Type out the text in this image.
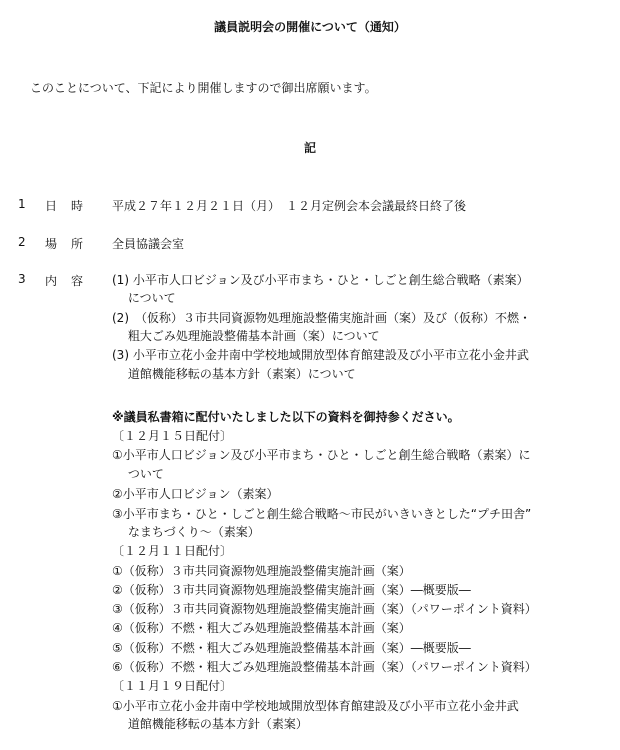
議員説明会の開催について（通知）
このことについて、下記により開催しますので御出席願います。
記
1 日時 平成２７年１２月２１日（月）　１２月定例会本会議最終日終了後
2 場所 全員協議会室
3 内容 (1) 小平市人口ビジョン及び小平市まち・ひと・しごと創生総合戦略（素案）
　 について
(2)　（仮称）３市共同資源物処理施設整備実施計画（案）及び（仮称）不燃・
　 粗大ごみ処理施設整備基本計画（案）について
(3) 小平市立花小金井南中学校地域開放型体育館建設及び小平市立花小金井武
　 道館機能移転の基本方針（素案）について
※議員私書箱に配付いたしました以下の資料を御持参ください。
〔１２月１５日配付〕
①小平市人口ビジョン及び小平市まち・ひと・しごと創生総合戦略（素案）に
　 ついて
②小平市人口ビジョン（素案）
③小平市まち・ひと・しごと創生総合戦略〜市民がいきいきとした“プチ田舎”
　 なまちづくり〜（素案）
〔１２月１１日配付〕
①（仮称）３市共同資源物処理施設整備実施計画（案）
②（仮称）３市共同資源物処理施設整備実施計画（案）―概要版―
③（仮称）３市共同資源物処理施設整備実施計画（案）（パワーポイント資料）
④（仮称）不燃・粗大ごみ処理施設整備基本計画（案）
⑤（仮称）不燃・粗大ごみ処理施設整備基本計画（案）―概要版―
⑥（仮称）不燃・粗大ごみ処理施設整備基本計画（案）（パワーポイント資料）
〔１１月１９日配付〕
①小平市立花小金井南中学校地域開放型体育館建設及び小平市立花小金井武
　 道館機能移転の基本方針（素案）
